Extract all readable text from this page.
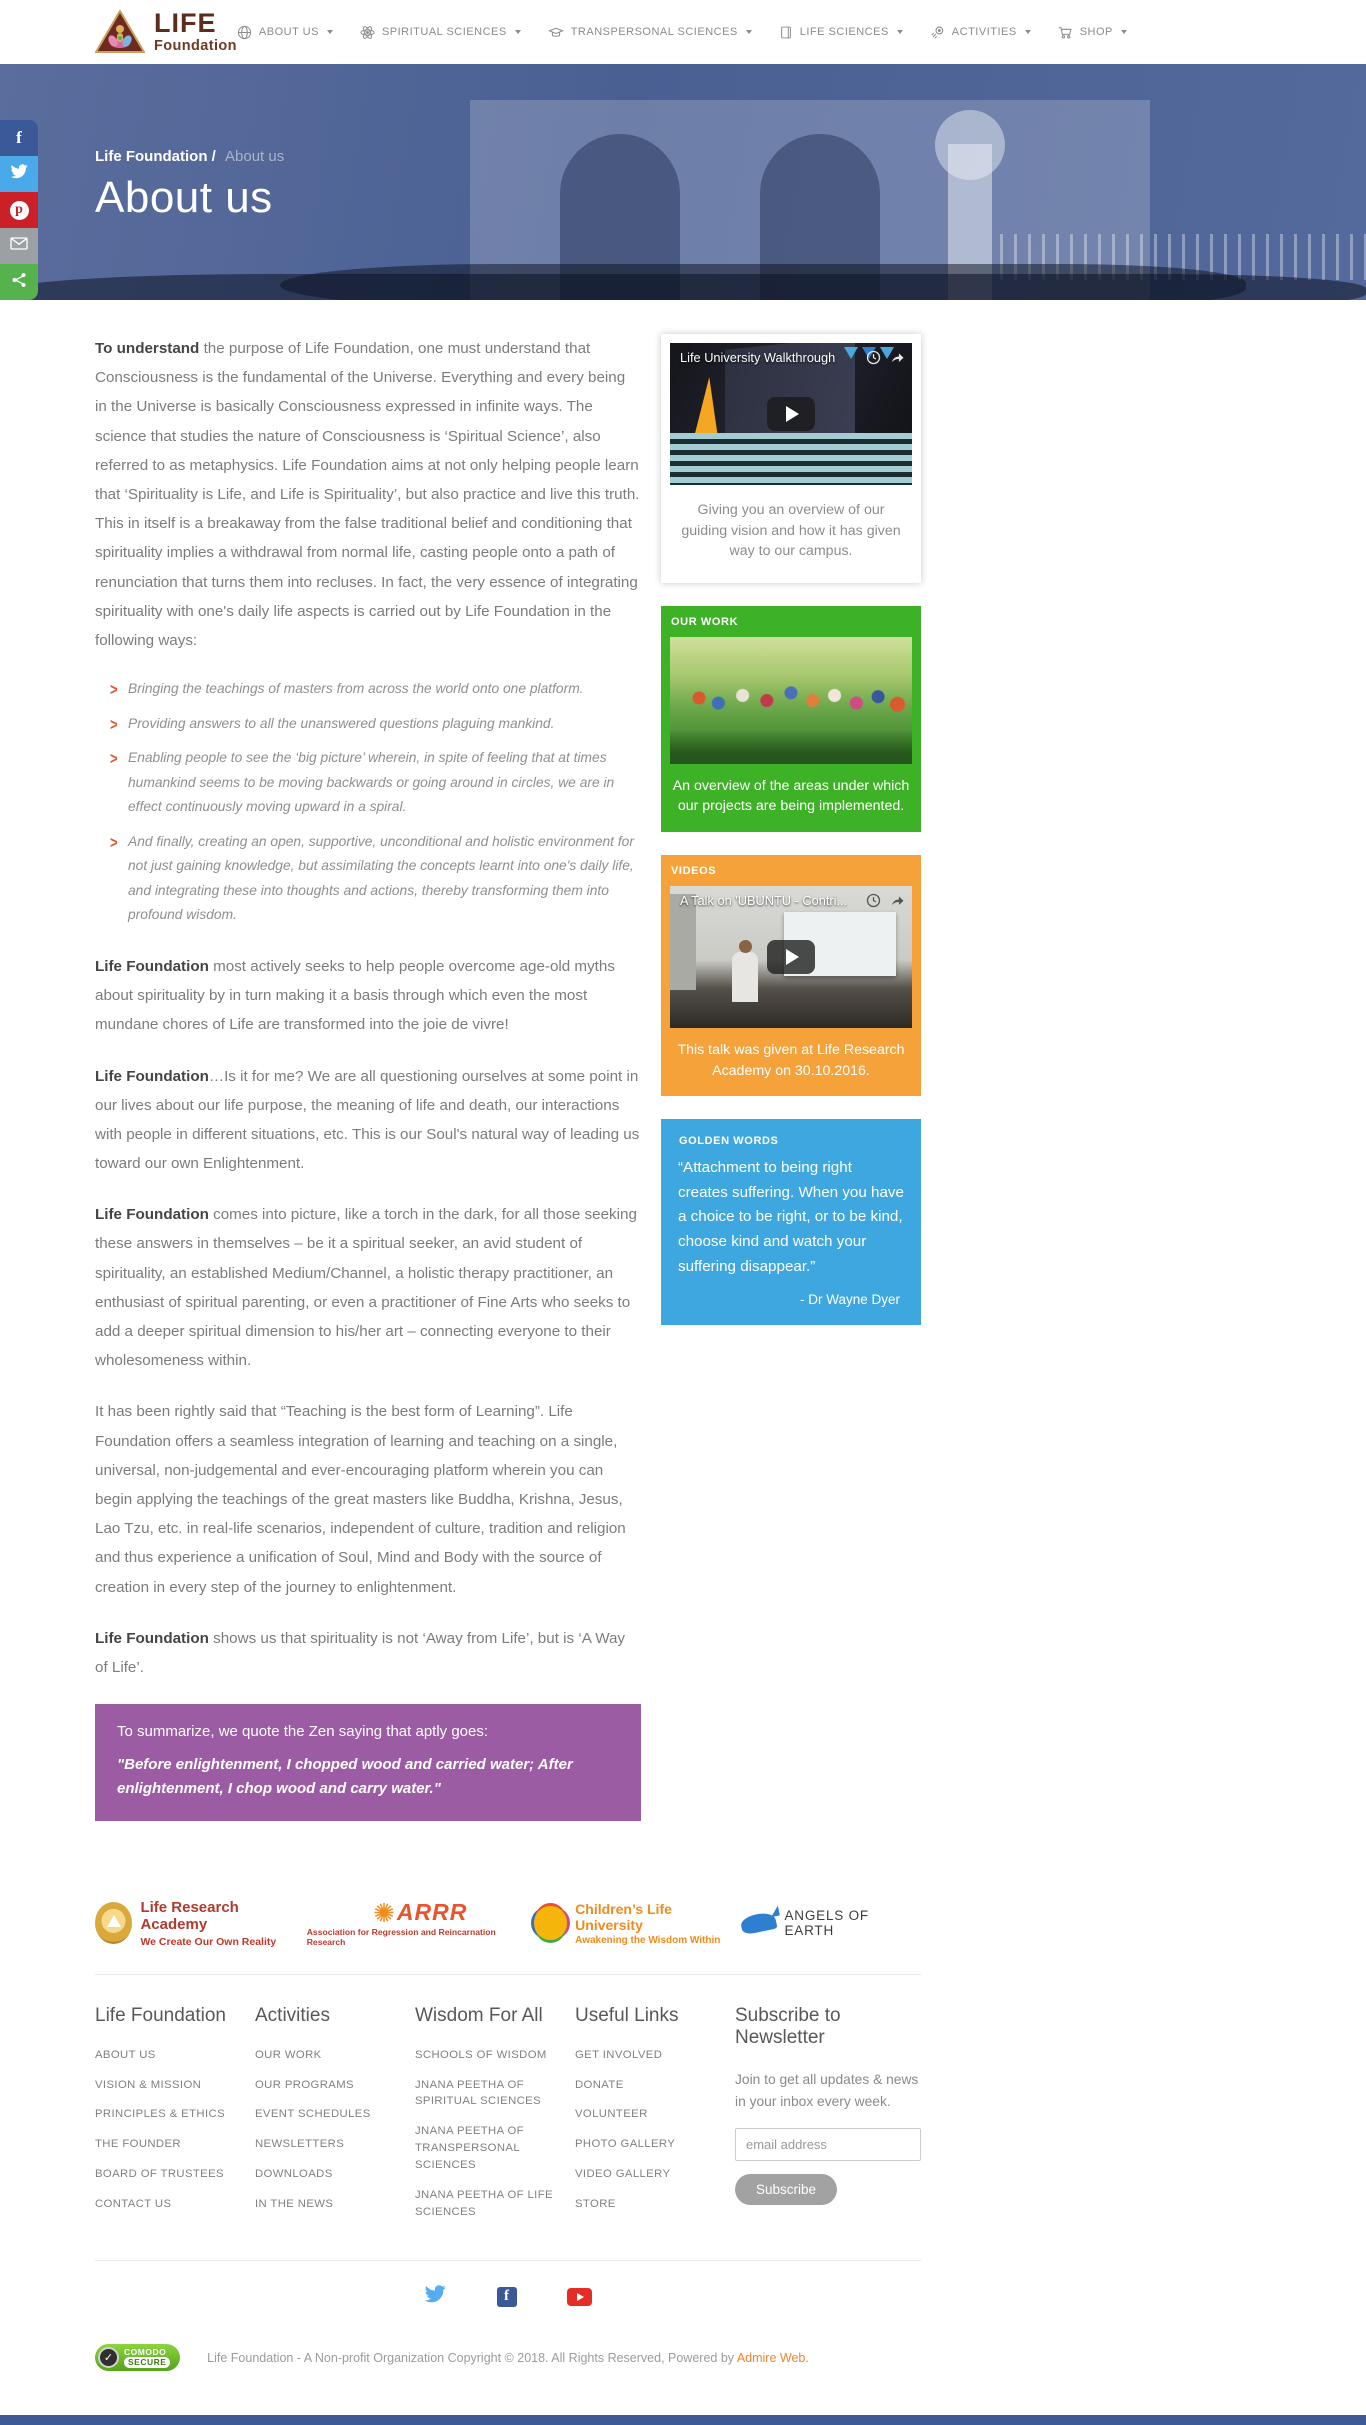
LIFE
Foundation
ABOUT US	SPIRITUAL SCIENCES	TRANSPERSONAL SCIENCES	LIFE SCIENCES	ACTIVITIES	SHOP
Life Foundation / About us
About us
f
p

To understand the purpose of Life Foundation, one must understand that Consciousness is the fundamental of the Universe. Everything and every being in the Universe is basically Consciousness expressed in infinite ways. The science that studies the nature of Consciousness is ‘Spiritual Science’, also referred to as metaphysics. Life Foundation aims at not only helping people learn that ‘Spirituality is Life, and Life is Spirituality’, but also practice and live this truth. This in itself is a breakaway from the false traditional belief and conditioning that spirituality implies a withdrawal from normal life, casting people onto a path of renunciation that turns them into recluses. In fact, the very essence of integrating spirituality with one's daily life aspects is carried out by Life Foundation in the following ways:

> Bringing the teachings of masters from across the world onto one platform.
> Providing answers to all the unanswered questions plaguing mankind.
> Enabling people to see the ‘big picture’ wherein, in spite of feeling that at times humankind seems to be moving backwards or going around in circles, we are in effect continuously moving upward in a spiral.
> And finally, creating an open, supportive, unconditional and holistic environment for not just gaining knowledge, but assimilating the concepts learnt into one's daily life, and integrating these into thoughts and actions, thereby transforming them into profound wisdom.

Life Foundation most actively seeks to help people overcome age-old myths about spirituality by in turn making it a basis through which even the most mundane chores of Life are transformed into the joie de vivre!

Life Foundation…Is it for me? We are all questioning ourselves at some point in our lives about our life purpose, the meaning of life and death, our interactions with people in different situations, etc. This is our Soul's natural way of leading us toward our own Enlightenment.

Life Foundation comes into picture, like a torch in the dark, for all those seeking these answers in themselves – be it a spiritual seeker, an avid student of spirituality, an established Medium/Channel, a holistic therapy practitioner, an enthusiast of spiritual parenting, or even a practitioner of Fine Arts who seeks to add a deeper spiritual dimension to his/her art – connecting everyone to their wholesomeness within.

It has been rightly said that “Teaching is the best form of Learning”. Life Foundation offers a seamless integration of learning and teaching on a single, universal, non-judgemental and ever-encouraging platform wherein you can begin applying the teachings of the great masters like Buddha, Krishna, Jesus, Lao Tzu, etc. in real-life scenarios, independent of culture, tradition and religion and thus experience a unification of Soul, Mind and Body with the source of creation in every step of the journey to enlightenment.

Life Foundation shows us that spirituality is not ‘Away from Life’, but is ‘A Way of Life’.

To summarize, we quote the Zen saying that aptly goes:
"Before enlightenment, I chopped wood and carried water; After enlightenment, I chop wood and carry water."
Life University Walkthrough
Giving you an overview of our guiding vision and how it has given way to our campus.
OUR WORK
An overview of the areas under which our projects are being implemented.
VIDEOS
A Talk on 'UBUNTU - Contri...
This talk was given at Life Research Academy on 30.10.2016.
GOLDEN WORDS
“Attachment to being right creates suffering. When you have a choice to be right, or to be kind, choose kind and watch your suffering disappear.”
- Dr Wayne Dyer
Life Research Academy
We Create Our Own Reality
✺ ARRR
Association for Regression and Reincarnation Research
Children’s Life University
Awakening the Wisdom Within
ANGELS OF EARTH
Life Foundation
ABOUT US
VISION & MISSION
PRINCIPLES & ETHICS
THE FOUNDER
BOARD OF TRUSTEES
CONTACT US
Activities
OUR WORK
OUR PROGRAMS
EVENT SCHEDULES
NEWSLETTERS
DOWNLOADS
IN THE NEWS
Wisdom For All
SCHOOLS OF WISDOM
JNANA PEETHA OF SPIRITUAL SCIENCES
JNANA PEETHA OF TRANSPERSONAL SCIENCES
JNANA PEETHA OF LIFE SCIENCES
Useful Links
GET INVOLVED
DONATE
VOLUNTEER
PHOTO GALLERY
VIDEO GALLERY
STORE
Subscribe to Newsletter
Join to get all updates & news in your inbox every week.
email address Subscribe
f
✓
COMODO
SECURE	Life Foundation - A Non-profit Organization Copyright © 2018. All Rights Reserved, Powered by Admire Web.
